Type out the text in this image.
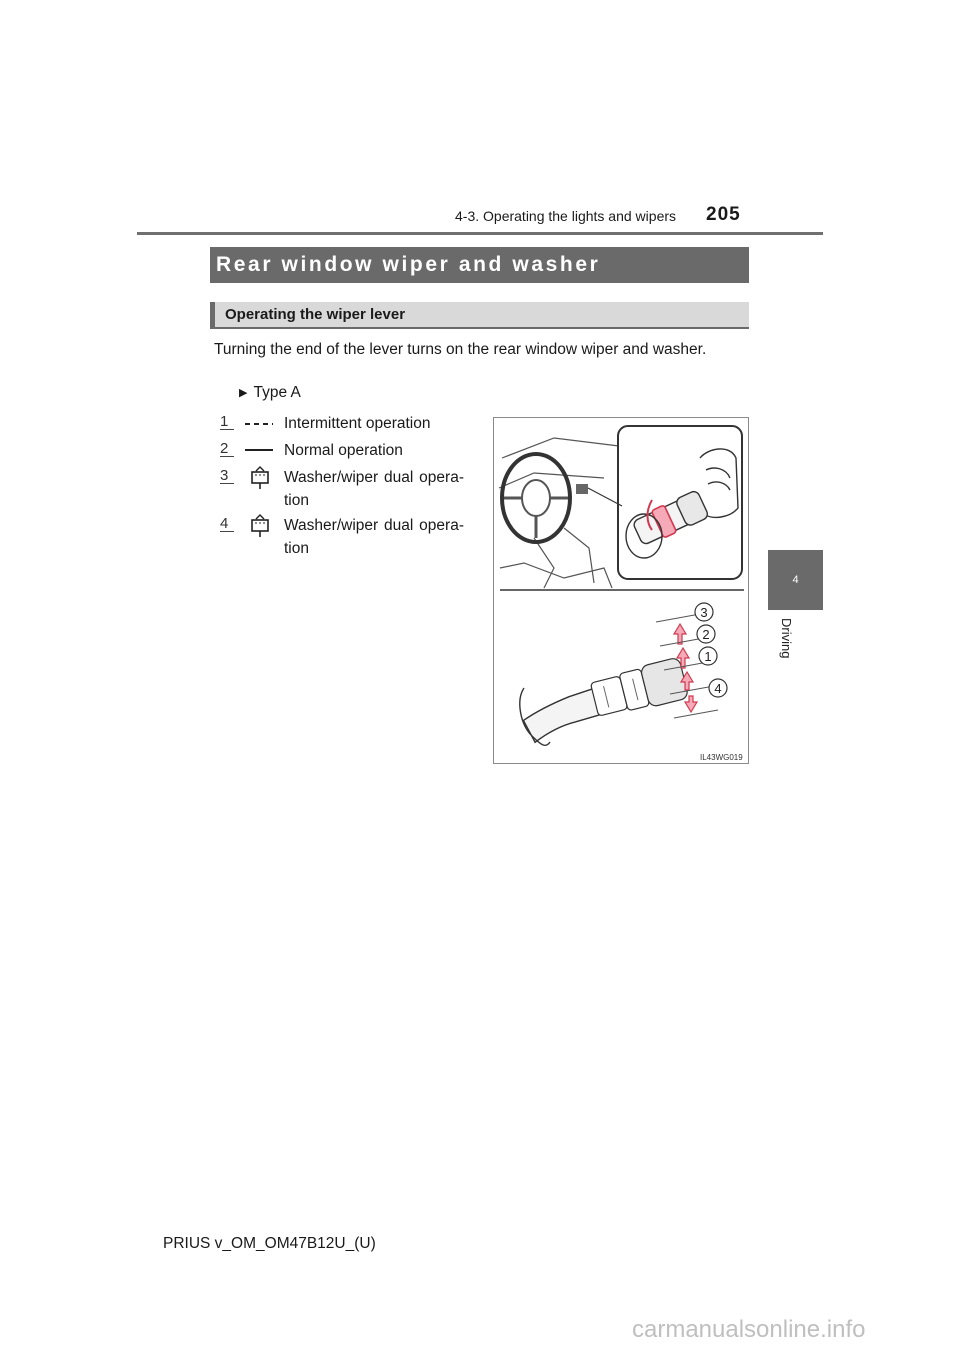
4-3. Operating the lights and wipers 205
4
Driving
Rear window wiper and washer
Operating the wiper lever
Turning the end of the lever turns on the rear window wiper and washer.
▶ Type A
1	Intermittent operation
2	Normal operation
3	Washer/wiper dual opera-tion
4	Washer/wiper dual opera-tion
3
2
1
4
IL43WG019
PRIUS v_OM_OM47B12U_(U)
carmanualsonline.info
